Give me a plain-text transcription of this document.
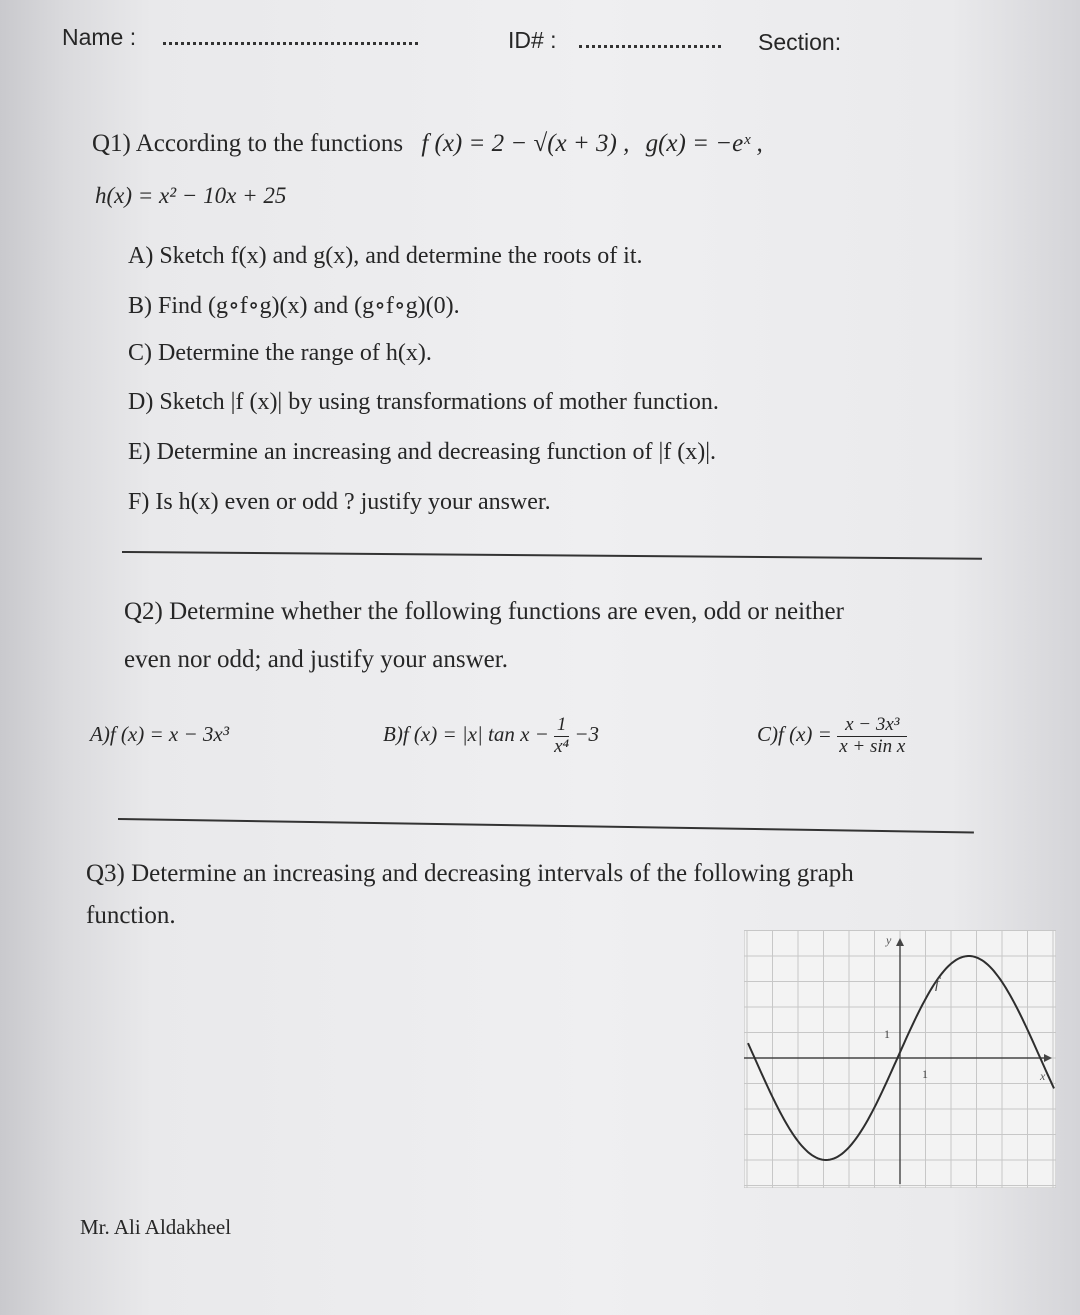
Name :	ID# :	Section:
Q1) According to the functions f (x) = 2 − √(x + 3) , g(x) = −eˣ ,
h(x) = x² − 10x + 25
A) Sketch f(x) and g(x), and determine the roots of it.
B) Find (g∘f∘g)(x) and (g∘f∘g)(0).
C) Determine the range of h(x).
D) Sketch |f (x)| by using transformations of mother function.
E) Determine an increasing and decreasing function of |f (x)|.
F) Is h(x) even or odd ? justify your answer.
Q2) Determine whether the following functions are even, odd or neither
even nor odd; and justify your answer.
A)f (x) = x − 3x³	B)f (x) = |x| $\tan x - \frac{1}{\text{x⁴}} -3$	C)f $(x) = \frac{\text{x − 3x³}}{\text{x + sin x}}$
Q3) Determine an increasing and decreasing intervals of the following graph
function.
y
x
f
1
1
Mr. Ali Aldakheel
